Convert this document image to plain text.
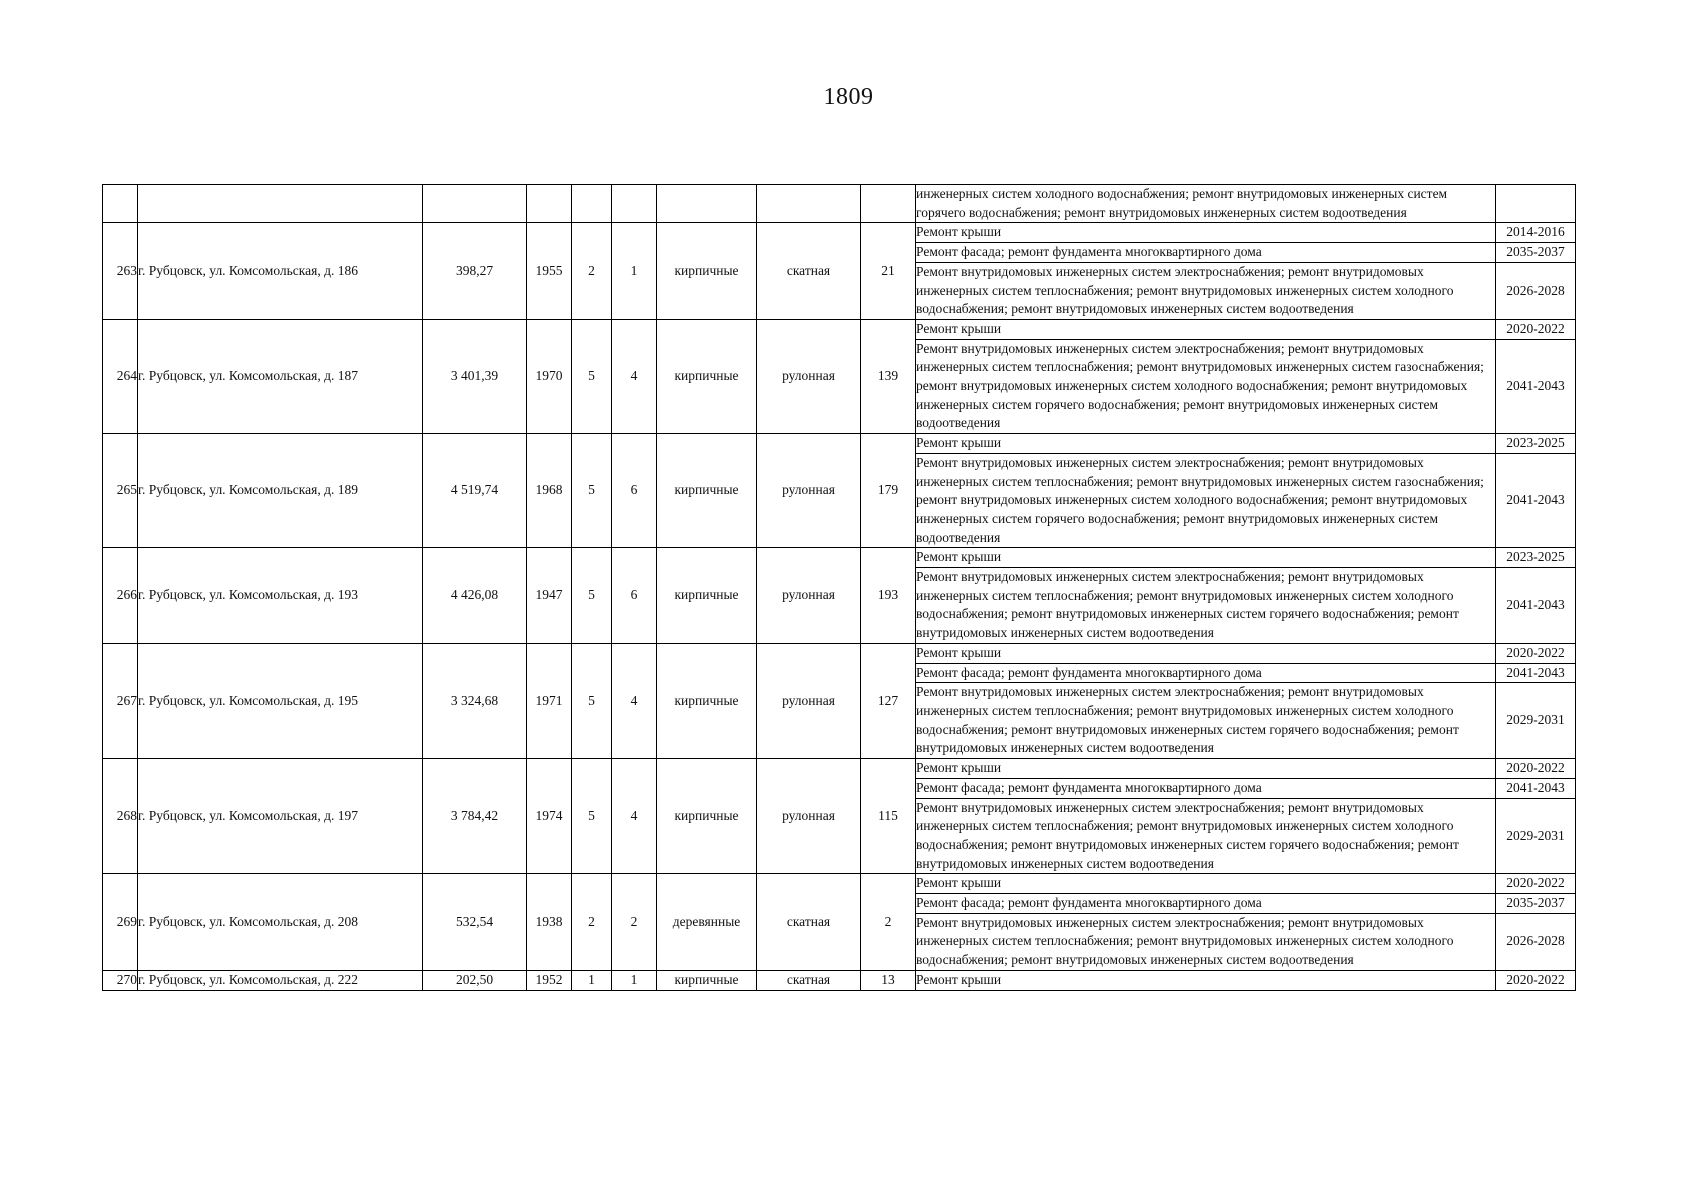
1809
									инженерных систем холодного водоснабжения; ремонт внутридомовых инженерных систем горячего водоснабжения; ремонт внутридомовых инженерных систем водоотведения	
263	г. Рубцовск, ул. Комсомольская, д. 186	398,27	1955	2	1	кирпичные	скатная	21	Ремонт крыши	2014-2016
									Ремонт фасада; ремонт фундамента многоквартирного дома	2035-2037
									Ремонт внутридомовых инженерных систем электроснабжения; ремонт внутридомовых инженерных систем теплоснабжения; ремонт внутридомовых инженерных систем холодного водоснабжения; ремонт внутридомовых инженерных систем водоотведения	2026-2028
264	г. Рубцовск, ул. Комсомольская, д. 187	3 401,39	1970	5	4	кирпичные	рулонная	139	Ремонт крыши	2020-2022
									Ремонт внутридомовых инженерных систем электроснабжения; ремонт внутридомовых инженерных систем теплоснабжения; ремонт внутридомовых инженерных систем газоснабжения; ремонт внутридомовых инженерных систем холодного водоснабжения; ремонт внутридомовых инженерных систем горячего водоснабжения; ремонт внутридомовых инженерных систем водоотведения	2041-2043
265	г. Рубцовск, ул. Комсомольская, д. 189	4 519,74	1968	5	6	кирпичные	рулонная	179	Ремонт крыши	2023-2025
									Ремонт внутридомовых инженерных систем электроснабжения; ремонт внутридомовых инженерных систем теплоснабжения; ремонт внутридомовых инженерных систем газоснабжения; ремонт внутридомовых инженерных систем холодного водоснабжения; ремонт внутридомовых инженерных систем горячего водоснабжения; ремонт внутридомовых инженерных систем водоотведения	2041-2043
266	г. Рубцовск, ул. Комсомольская, д. 193	4 426,08	1947	5	6	кирпичные	рулонная	193	Ремонт крыши	2023-2025
									Ремонт внутридомовых инженерных систем электроснабжения; ремонт внутридомовых инженерных систем теплоснабжения; ремонт внутридомовых инженерных систем холодного водоснабжения; ремонт внутридомовых инженерных систем горячего водоснабжения; ремонт внутридомовых инженерных систем водоотведения	2041-2043
267	г. Рубцовск, ул. Комсомольская, д. 195	3 324,68	1971	5	4	кирпичные	рулонная	127	Ремонт крыши	2020-2022
									Ремонт фасада; ремонт фундамента многоквартирного дома	2041-2043
									Ремонт внутридомовых инженерных систем электроснабжения; ремонт внутридомовых инженерных систем теплоснабжения; ремонт внутридомовых инженерных систем холодного водоснабжения; ремонт внутридомовых инженерных систем горячего водоснабжения; ремонт внутридомовых инженерных систем водоотведения	2029-2031
268	г. Рубцовск, ул. Комсомольская, д. 197	3 784,42	1974	5	4	кирпичные	рулонная	115	Ремонт крыши	2020-2022
									Ремонт фасада; ремонт фундамента многоквартирного дома	2041-2043
									Ремонт внутридомовых инженерных систем электроснабжения; ремонт внутридомовых инженерных систем теплоснабжения; ремонт внутридомовых инженерных систем холодного водоснабжения; ремонт внутридомовых инженерных систем горячего водоснабжения; ремонт внутридомовых инженерных систем водоотведения	2029-2031
269	г. Рубцовск, ул. Комсомольская, д. 208	532,54	1938	2	2	деревянные	скатная	2	Ремонт крыши	2020-2022
									Ремонт фасада; ремонт фундамента многоквартирного дома	2035-2037
									Ремонт внутридомовых инженерных систем электроснабжения; ремонт внутридомовых инженерных систем теплоснабжения; ремонт внутридомовых инженерных систем холодного водоснабжения; ремонт внутридомовых инженерных систем водоотведения	2026-2028
270	г. Рубцовск, ул. Комсомольская, д. 222	202,50	1952	1	1	кирпичные	скатная	13	Ремонт крыши	2020-2022
